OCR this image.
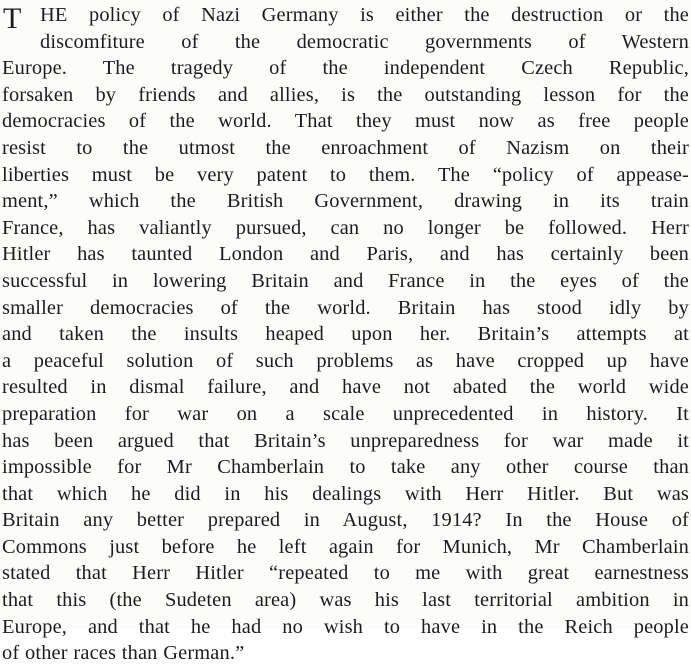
T HE policy of Nazi Germany is either the destruction or the
discomfiture of the democratic governments of Western
Europe. The tragedy of the independent Czech Republic,
forsaken by friends and allies, is the outstanding lesson for the
democracies of the world. That they must now as free people
resist to the utmost the enroachment of Nazism on their
liberties must be very patent to them. The “policy of appease-
ment,” which the British Government, drawing in its train
France, has valiantly pursued, can no longer be followed. Herr
Hitler has taunted London and Paris, and has certainly been
successful in lowering Britain and France in the eyes of the
smaller democracies of the world. Britain has stood idly by
and taken the insults heaped upon her. Britain’s attempts at
a peaceful solution of such problems as have cropped up have
resulted in dismal failure, and have not abated the world wide
preparation for war on a scale unprecedented in history. It
has been argued that Britain’s unpreparedness for war made it
impossible for Mr Chamberlain to take any other course than
that which he did in his dealings with Herr Hitler. But was
Britain any better prepared in August, 1914? In the House of
Commons just before he left again for Munich, Mr Chamberlain
stated that Herr Hitler “repeated to me with great earnestness
that this (the Sudeten area) was his last territorial ambition in
Europe, and that he had no wish to have in the Reich people
of other races than German.”
